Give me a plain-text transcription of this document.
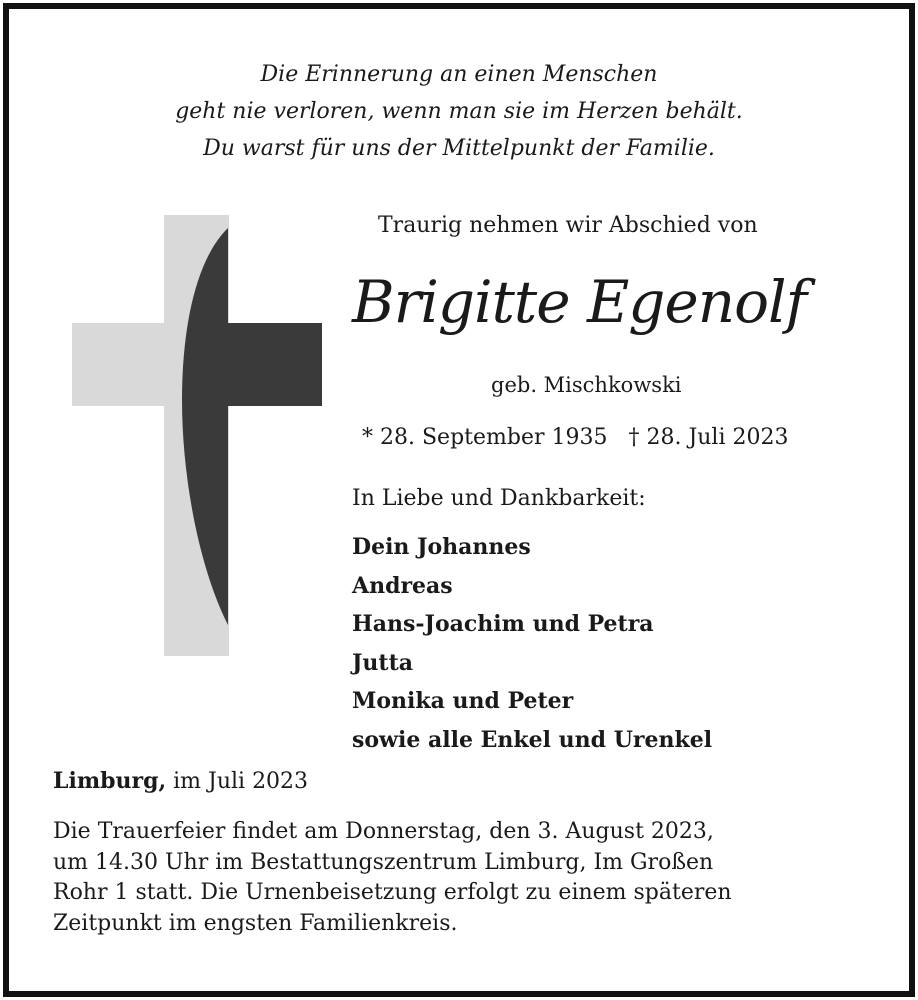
Die Erinnerung an einen Menschen
geht nie verloren, wenn man sie im Herzen behält.
Du warst für uns der Mittelpunkt der Familie.
Traurig nehmen wir Abschied von
Brigitte Egenolf
geb. Mischkowski
* 28. September 1935 † 28. Juli 2023
In Liebe und Dankbarkeit:
Dein Johannes
Andreas
Hans-Joachim und Petra
Jutta
Monika und Peter
sowie alle Enkel und Urenkel
Limburg, im Juli 2023
Die Trauerfeier findet am Donnerstag, den 3. August 2023,
um 14.30 Uhr im Bestattungszentrum Limburg, Im Großen
Rohr 1 statt. Die Urnenbeisetzung erfolgt zu einem späteren
Zeitpunkt im engsten Familienkreis.
